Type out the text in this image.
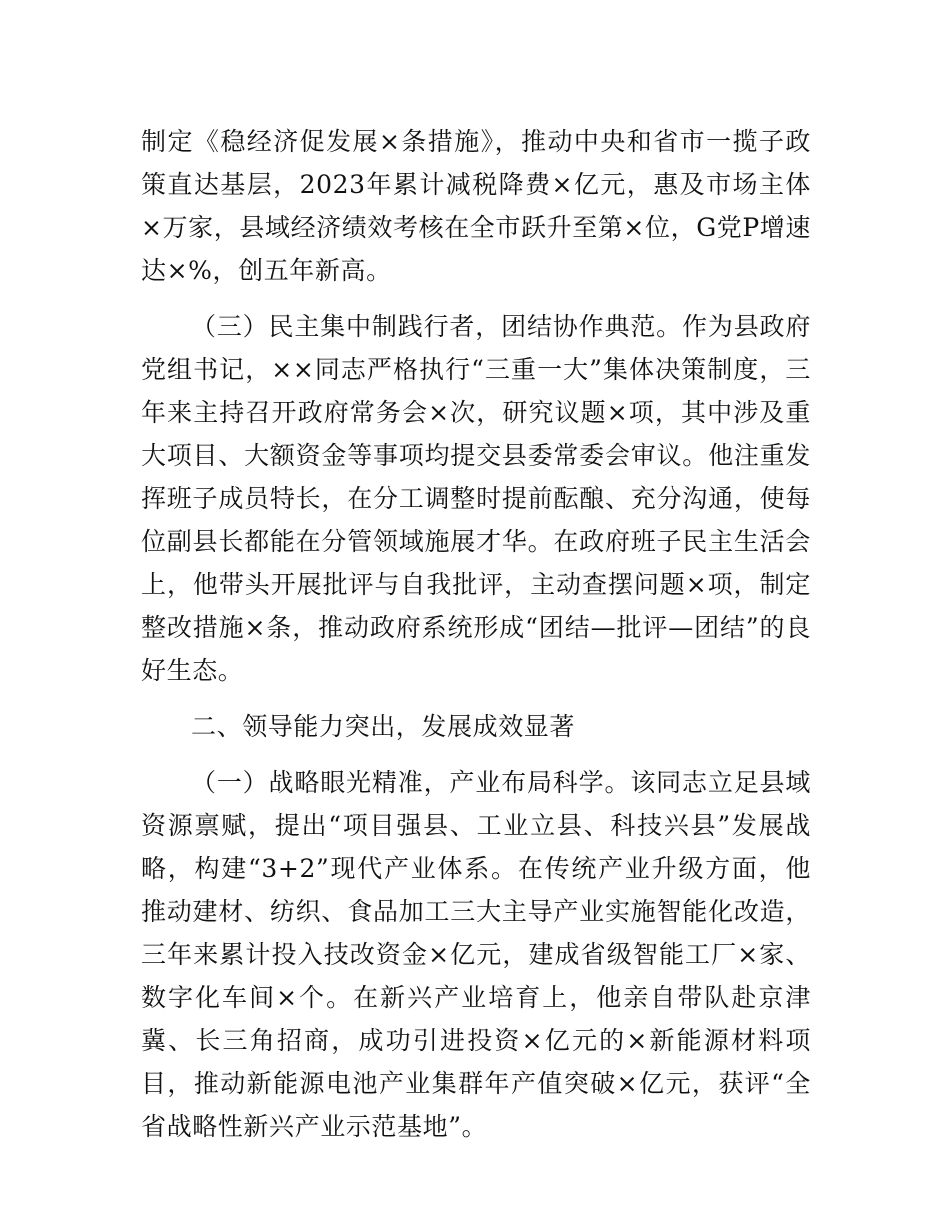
制定《稳经济促发展×条措施》，推动中央和省市一揽子政策直达基层，2023年累计减税降费×亿元，惠及市场主体×万家，县域经济绩效考核在全市跃升至第×位，G党P增速达×%，创五年新高。

（三）民主集中制践行者，团结协作典范。作为县政府党组书记，××同志严格执行“三重一大”集体决策制度，三年来主持召开政府常务会×次，研究议题×项，其中涉及重大项目、大额资金等事项均提交县委常委会审议。他注重发挥班子成员特长，在分工调整时提前酝酿、充分沟通，使每位副县长都能在分管领域施展才华。在政府班子民主生活会上，他带头开展批评与自我批评，主动查摆问题×项，制定整改措施×条，推动政府系统形成“团结—批评—团结”的良好生态。

二、领导能力突出，发展成效显著

（一）战略眼光精准，产业布局科学。该同志立足县域资源禀赋，提出“项目强县、工业立县、科技兴县”发展战略，构建“3+2”现代产业体系。在传统产业升级方面，他推动建材、纺织、食品加工三大主导产业实施智能化改造，三年来累计投入技改资金×亿元，建成省级智能工厂×家、数字化车间×个。在新兴产业培育上，他亲自带队赴京津冀、长三角招商，成功引进投资×亿元的×新能源材料项目，推动新能源电池产业集群年产值突破×亿元，获评“全省战略性新兴产业示范基地”。
